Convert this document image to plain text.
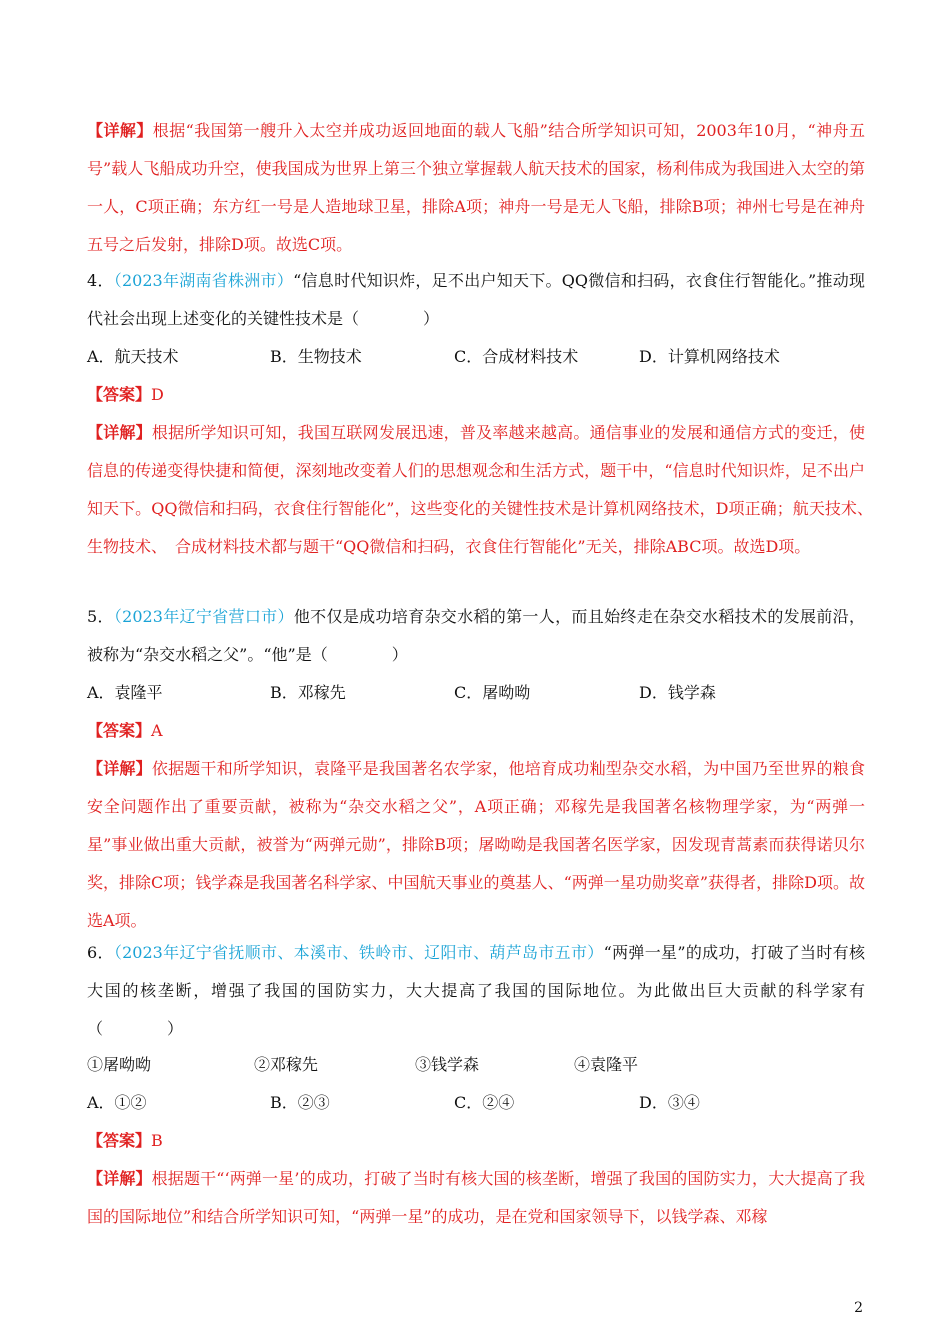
【详解】根据“我国第一艘升入太空并成功返回地面的载人飞船”结合所学知识可知，2003年10月，“神舟五号”载人飞船成功升空，使我国成为世界上第三个独立掌握载人航天技术的国家，杨利伟成为我国进入太空的第一人，C项正确；东方红一号是人造地球卫星，排除A项；神舟一号是无人飞船，排除B项；神州七号是在神舟五号之后发射，排除D项。故选C项。
4．（2023年湖南省株洲市）“信息时代知识炸，足不出户知天下。QQ微信和扫码，衣食住行智能化。”推动现代社会出现上述变化的关键性技术是（　　　　）
A．航天技术	B．生物技术	C．合成材料技术	D．计算机网络技术
【答案】D
【详解】根据所学知识可知，我国互联网发展迅速，普及率越来越高。通信事业的发展和通信方式的变迁，使信息的传递变得快捷和简便，深刻地改变着人们的思想观念和生活方式，题干中，“信息时代知识炸，足不出户知天下。QQ微信和扫码，衣食住行智能化”，这些变化的关键性技术是计算机网络技术，D项正确；航天技术、　生物技术、　合成材料技术都与题干“QQ微信和扫码，衣食住行智能化”无关，排除ABC项。故选D项。
5．（2023年辽宁省营口市）他不仅是成功培育杂交水稻的第一人，而且始终走在杂交水稻技术的发展前沿，被称为“杂交水稻之父”。“他”是（　　　　）
A．袁隆平	B．邓稼先	C．屠呦呦	D．钱学森
【答案】A
【详解】依据题干和所学知识，袁隆平是我国著名农学家，他培育成功籼型杂交水稻，为中国乃至世界的粮食安全问题作出了重要贡献，被称为“杂交水稻之父”，A项正确；邓稼先是我国著名核物理学家，为“两弹一星”事业做出重大贡献，被誉为“两弹元勋”，排除B项；屠呦呦是我国著名医学家，因发现青蒿素而获得诺贝尔奖，排除C项；钱学森是我国著名科学家、中国航天事业的奠基人、“两弹一星功勋奖章”获得者，排除D项。故选A项。
6．（2023年辽宁省抚顺市、本溪市、铁岭市、辽阳市、葫芦岛市五市）“两弹一星”的成功，打破了当时有核大国的核垄断，增强了我国的国防实力，大大提高了我国的国际地位。为此做出巨大贡献的科学家有（　　　　）
①屠呦呦	②邓稼先	③钱学森	④袁隆平
A．①②	B．②③	C．②④	D．③④
【答案】B
【详解】根据题干“‘两弹一星’的成功，打破了当时有核大国的核垄断，增强了我国的国防实力，大大提高了我国的国际地位”和结合所学知识可知，“两弹一星”的成功，是在党和国家领导下，以钱学森、邓稼
2
